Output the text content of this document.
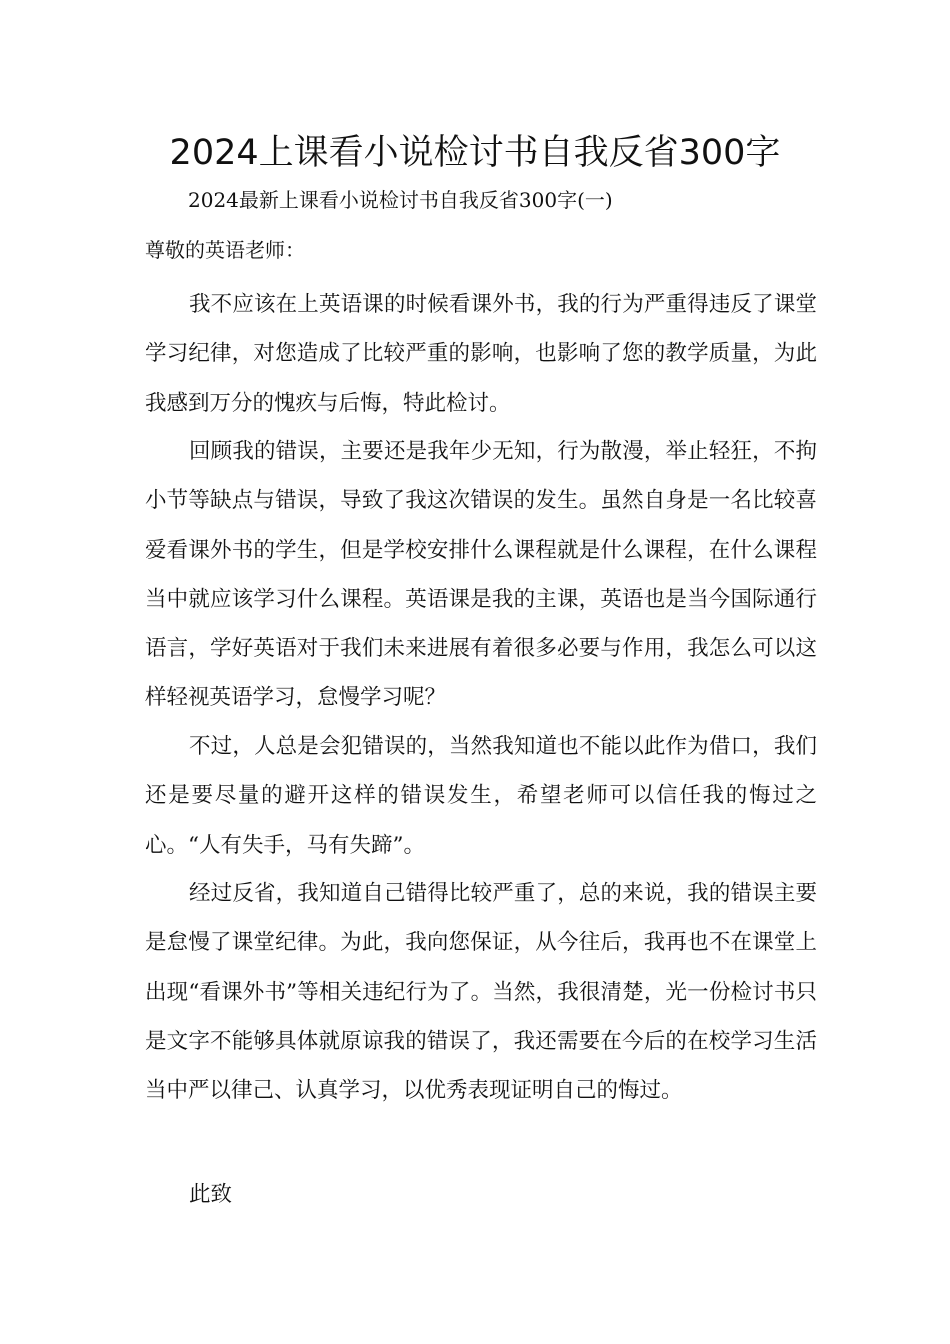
2024上课看小说检讨书自我反省300字
2024最新上课看小说检讨书自我反省300字(一)
尊敬的英语老师：
我不应该在上英语课的时候看课外书，我的行为严重得违反了课堂学习纪律，对您造成了比较严重的影响，也影响了您的教学质量，为此我感到万分的愧疚与后悔，特此检讨。
回顾我的错误，主要还是我年少无知，行为散漫，举止轻狂，不拘小节等缺点与错误，导致了我这次错误的发生。虽然自身是一名比较喜爱看课外书的学生，但是学校安排什么课程就是什么课程，在什么课程当中就应该学习什么课程。英语课是我的主课，英语也是当今国际通行语言，学好英语对于我们未来进展有着很多必要与作用，我怎么可以这样轻视英语学习，怠慢学习呢？
不过，人总是会犯错误的，当然我知道也不能以此作为借口，我们还是要尽量的避开这样的错误发生，希望老师可以信任我的悔过之心。“人有失手，马有失蹄”。
经过反省，我知道自己错得比较严重了，总的来说，我的错误主要是怠慢了课堂纪律。为此，我向您保证，从今往后，我再也不在课堂上出现“看课外书”等相关违纪行为了。当然，我很清楚，光一份检讨书只是文字不能够具体就原谅我的错误了，我还需要在今后的在校学习生活当中严以律己、认真学习，以优秀表现证明自己的悔过。
此致
